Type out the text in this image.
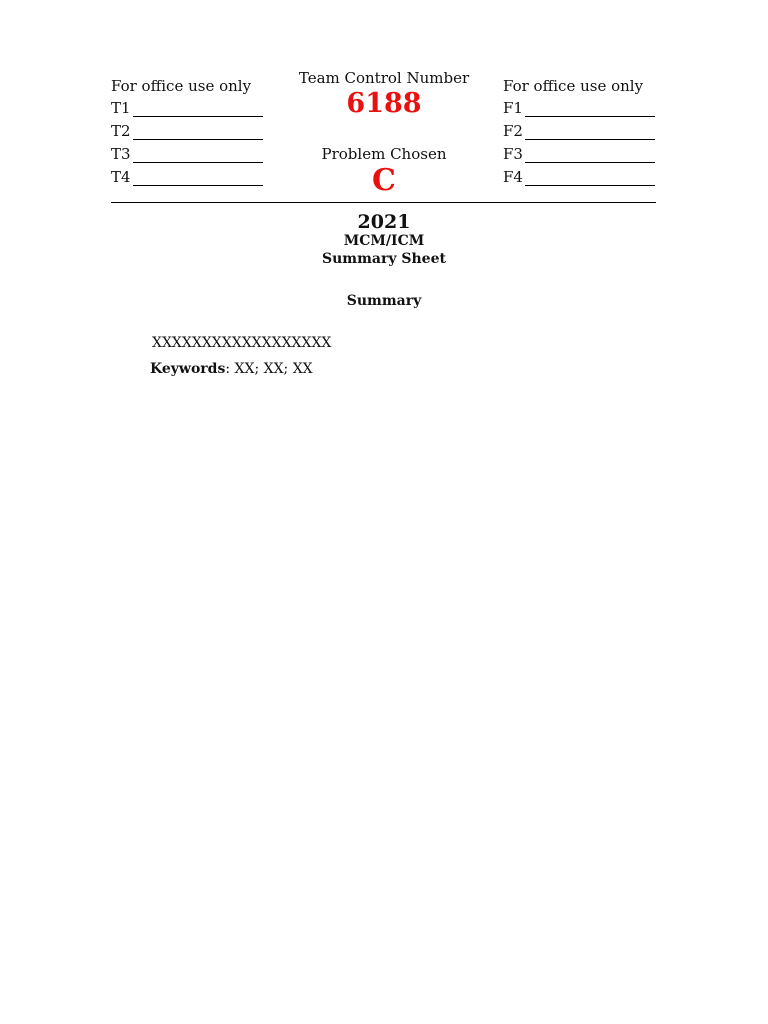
For office use only
T1
T2
T3
T4
Team Control Number
6188
Problem Chosen
C
For office use only
F1
F2
F3
F4
2021
MCM/ICM
Summary Sheet
Summary
XXXXXXXXXXXXXXXXXX
Keywords: XX; XX; XX
